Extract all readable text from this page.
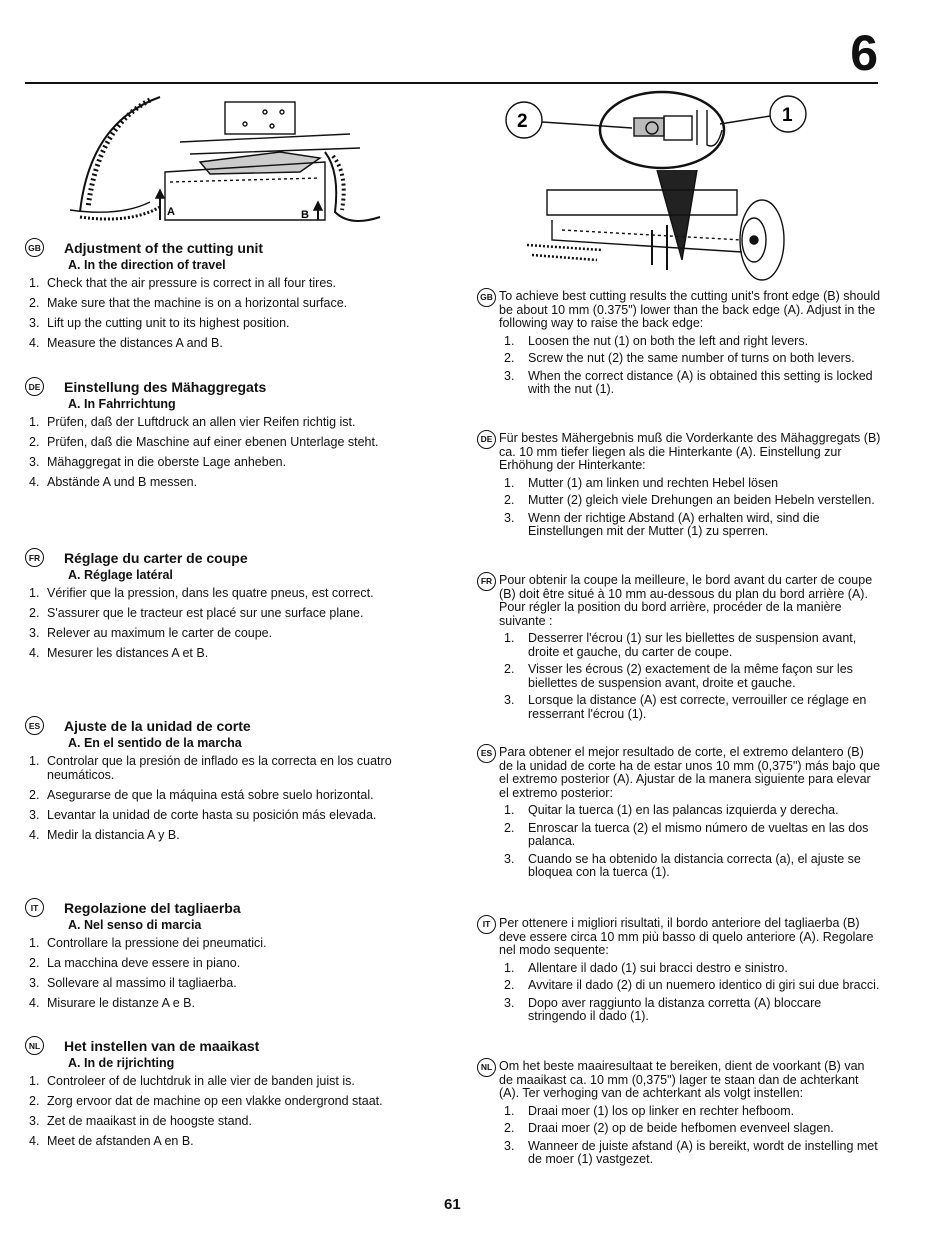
6
A	B
2	1
GB Adjustment of the cutting unit
A. In the direction of travel
1. Check that the air pressure is correct in all four tires.
2. Make sure that the machine is on a horizontal surface.
3. Lift up the cutting unit to its highest position.
4. Measure the distances A and B.
DE Einstellung des Mähaggregats
A. In Fahrrichtung
1. Prüfen, daß der Luftdruck an allen vier Reifen richtig ist.
2. Prüfen, daß die Maschine auf einer ebenen Unterlage steht.
3. Mähaggregat in die oberste Lage anheben.
4. Abstände A und B messen.
FR Réglage du carter de coupe
A. Réglage latéral
1. Vérifier que la pression, dans les quatre pneus, est correct.
2. S'assurer que le tracteur est placé sur une surface plane.
3. Relever au maximum le carter de coupe.
4. Mesurer les distances A et B.
ES Ajuste de la unidad de corte
A. En el sentido de la marcha
1. Controlar que la presión de inflado es la correcta en los cuatro neumáticos.
2. Asegurarse de que la máquina está sobre suelo horizontal.
3. Levantar la unidad de corte hasta su posición más elevada.
4. Medir la distancia A y B.
IT	Regolazione del tagliaerba
A. Nel senso di marcia
1. Controllare la pressione dei pneumatici.
2. La macchina deve essere in piano.
3. Sollevare al massimo il tagliaerba.
4. Misurare le distanze A e B.
NL Het instellen van de maaikast
A. In de rijrichting
1. Controleer of de luchtdruk in alle vier de banden juist is.
2. Zorg ervoor dat de machine op een vlakke ondergrond staat.
3. Zet de maaikast in de hoogste stand.
4. Meet de afstanden A en B.
GB To achieve best cutting results the cutting unit's front edge (B) should be about 10 mm (0.375") lower than the back edge (A). Adjust in the following way to raise the back edge:

1.	Loosen the nut (1) on both the left and right levers.
2.	Screw the nut (2) the same number of turns on both levers.
3.	When the correct distance (A) is obtained this setting is locked with the nut (1).
DE Für bestes Mähergebnis muß die Vorderkante des Mähaggregats (B) ca. 10 mm tiefer liegen als die Hinterkante (A). Einstellung zur Erhöhung der Hinterkante:

1.	Mutter (1) am linken und rechten Hebel lösen
2.	Mutter (2) gleich viele Drehungen an beiden Hebeln verstellen.
3.	Wenn der richtige Abstand (A) erhalten wird, sind die Einstellungen mit der Mutter (1) zu sperren.
FR Pour obtenir la coupe la meilleure, le bord avant du carter de coupe (B) doit être situé à 10 mm au-dessous du plan du bord arrière (A). Pour régler la position du bord arrière, procéder de la manière suivante :

1.	Desserrer l'écrou (1) sur les biellettes de suspension avant, droite et gauche, du carter de coupe.
2.	Visser les écrous (2) exactement de la même façon sur les biellettes de suspension avant, droite et gauche.
3.	Lorsque la distance (A) est correcte, verrouiller ce réglage en resserrant l'écrou (1).
ES Para obtener el mejor resultado de corte, el extremo delantero (B) de la unidad de corte ha de estar unos 10 mm (0,375") más bajo que el extremo posterior (A). Ajustar de la manera siguiente para elevar el extremo posterior:

1.	Quitar la tuerca (1) en las palancas izquierda y derecha.
2.	Enroscar la tuerca (2) el mismo número de vueltas en las dos palanca.
3.	Cuando se ha obtenido la distancia correcta (a), el ajuste se bloquea con la tuerca (1).
IT Per ottenere i migliori risultati, il bordo anteriore del tagliaerba (B) deve essere circa 10 mm più basso di quelo anteriore (A). Regolare nel modo sequente:

1.	Allentare il dado (1) sui bracci destro e sinistro.
2.	Avvitare il dado (2) di un nuemero identico di giri sui due bracci.
3.	Dopo aver raggiunto la distanza corretta (A) bloccare stringendo il dado (1).
NL Om het beste maairesultaat te bereiken, dient de voorkant (B) van de maaikast ca. 10 mm (0,375") lager te staan dan de achterkant (A). Ter verhoging van de achterkant als volgt instellen:

1.	Draai moer (1) los op linker en rechter hefboom.
2.	Draai moer (2) op de beide hefbomen evenveel slagen.
3.	Wanneer de juiste afstand (A) is bereikt, wordt de instelling met de moer (1) vastgezet.
61
